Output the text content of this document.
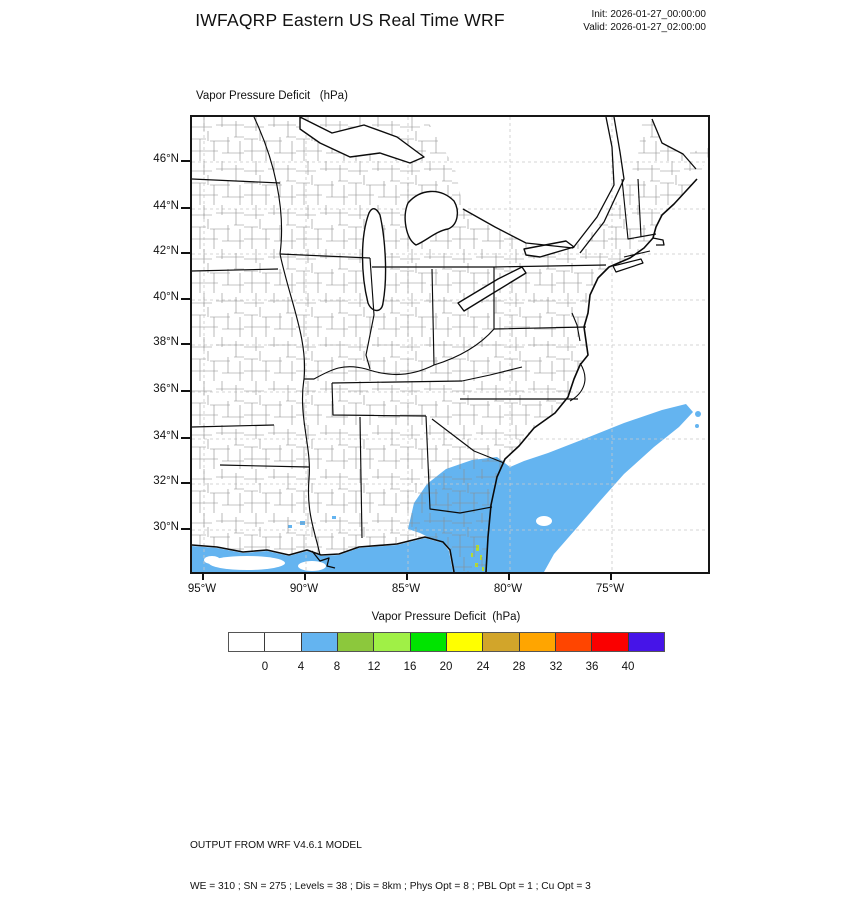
IWFAQRP Eastern US Real Time WRF	Init: 2026-01-27_00:00:00
Valid: 2026-01-27_02:00:00
Vapor Pressure Deficit   (hPa)
46°N
44°N
42°N
40°N
38°N
36°N
34°N
32°N
30°N
95°W	90°W	85°W	80°W	75°W
Vapor Pressure Deficit  (hPa)
0	4	8	12	16	20	24	28	32	36	40

OUTPUT FROM WRF V4.6.1 MODEL

WE = 310 ; SN = 275 ; Levels = 38 ; Dis = 8km ; Phys Opt = 8 ; PBL Opt = 1 ; Cu Opt = 3
